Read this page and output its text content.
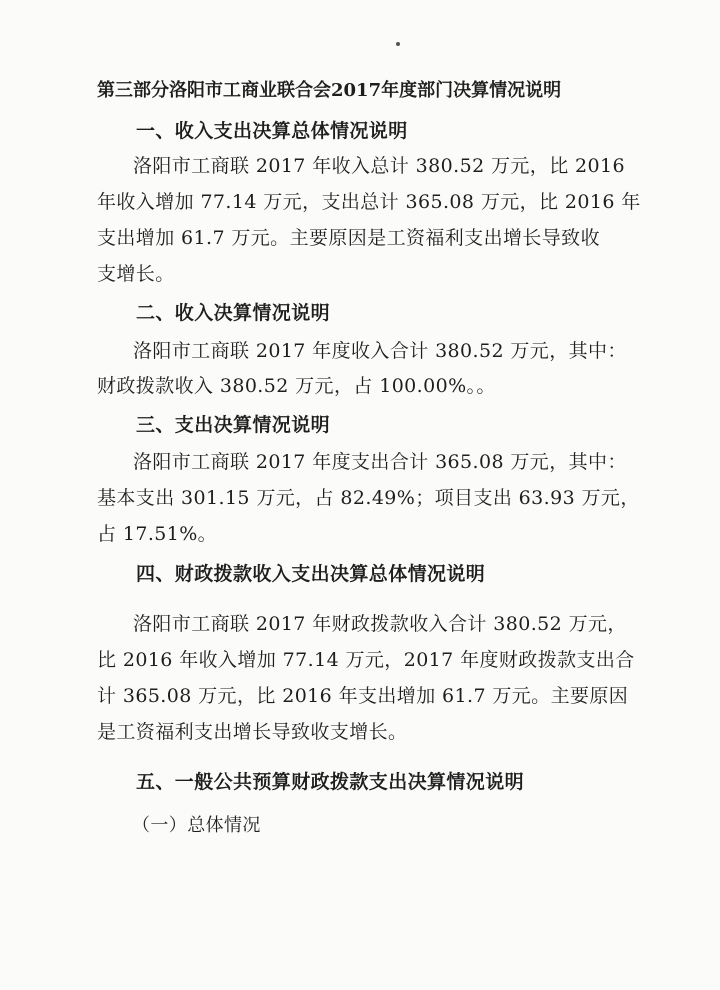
第三部分洛阳市工商业联合会2017年度部门决算情况说明
一、收入支出决算总体情况说明
洛阳市工商联 2017 年收入总计 380.52 万元，比 2016
年收入增加 77.14 万元，支出总计 365.08 万元，比 2016 年
支出增加 61.7 万元。主要原因是工资福利支出增长导致收
支增长。
二、收入决算情况说明
洛阳市工商联 2017 年度收入合计 380.52 万元，其中：
财政拨款收入 380.52 万元，占 100.00%。。
三、支出决算情况说明
洛阳市工商联 2017 年度支出合计 365.08 万元，其中：
基本支出 301.15 万元，占 82.49%；项目支出 63.93 万元，
占 17.51%。
四、财政拨款收入支出决算总体情况说明
洛阳市工商联 2017 年财政拨款收入合计 380.52 万元，
比 2016 年收入增加 77.14 万元，2017 年度财政拨款支出合
计 365.08 万元，比 2016 年支出增加 61.7 万元。主要原因
是工资福利支出增长导致收支增长。
五、一般公共预算财政拨款支出决算情况说明
（一）总体情况
